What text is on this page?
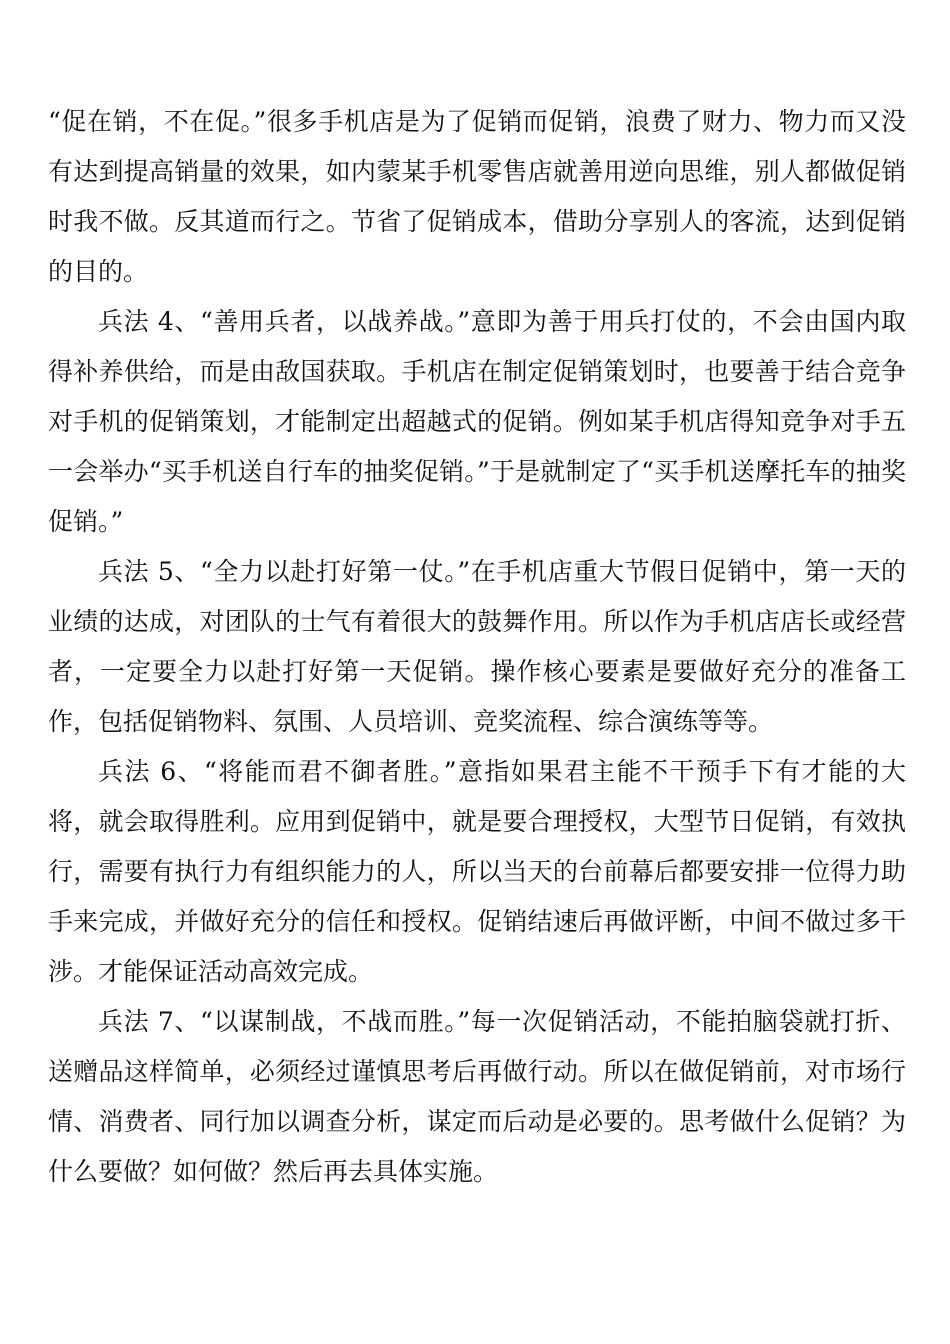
“促在销，不在促。”很多手机店是为了促销而促销，浪费了财力、物力而又没有达到提高销量的效果，如内蒙某手机零售店就善用逆向思维，别人都做促销时我不做。反其道而行之。节省了促销成本，借助分享别人的客流，达到促销的目的。

兵法 4、“善用兵者，以战养战。”意即为善于用兵打仗的，不会由国内取得补养供给，而是由敌国获取。手机店在制定促销策划时，也要善于结合竞争对手机的促销策划，才能制定出超越式的促销。例如某手机店得知竞争对手五一会举办“买手机送自行车的抽奖促销。”于是就制定了“买手机送摩托车的抽奖促销。”

兵法 5、“全力以赴打好第一仗。”在手机店重大节假日促销中，第一天的业绩的达成，对团队的士气有着很大的鼓舞作用。所以作为手机店店长或经营者，一定要全力以赴打好第一天促销。操作核心要素是要做好充分的准备工作，包括促销物料、氛围、人员培训、竞奖流程、综合演练等等。

兵法 6、“将能而君不御者胜。”意指如果君主能不干预手下有才能的大将，就会取得胜利。应用到促销中，就是要合理授权，大型节日促销，有效执行，需要有执行力有组织能力的人，所以当天的台前幕后都要安排一位得力助手来完成，并做好充分的信任和授权。促销结速后再做评断，中间不做过多干涉。才能保证活动高效完成。

兵法 7、“以谋制战，不战而胜。”每一次促销活动，不能拍脑袋就打折、送赠品这样简单，必须经过谨慎思考后再做行动。所以在做促销前，对市场行情、消费者、同行加以调查分析，谋定而后动是必要的。思考做什么促销？为什么要做？如何做？然后再去具体实施。
